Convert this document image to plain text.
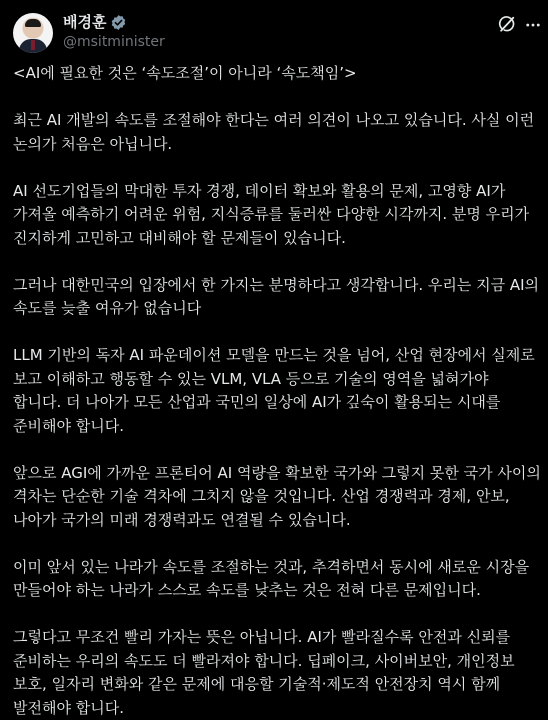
배경훈
@msitminister

<AI에 필요한 것은 ‘속도조절’이 아니라 ‘속도책임’>

최근 AI 개발의 속도를 조절해야 한다는 여러 의견이 나오고 있습니다. 사실 이런 논의가 처음은 아닙니다.

AI 선도기업들의 막대한 투자 경쟁, 데이터 확보와 활용의 문제, 고영향 AI가 가져올 예측하기 어려운 위험, 지식증류를 둘러싼 다양한 시각까지. 분명 우리가 진지하게 고민하고 대비해야 할 문제들이 있습니다.

그러나 대한민국의 입장에서 한 가지는 분명하다고 생각합니다. 우리는 지금 AI의 속도를 늦출 여유가 없습니다

LLM 기반의 독자 AI 파운데이션 모델을 만드는 것을 넘어, 산업 현장에서 실제로 보고 이해하고 행동할 수 있는 VLM, VLA 등으로 기술의 영역을 넓혀가야 합니다. 더 나아가 모든 산업과 국민의 일상에 AI가 깊숙이 활용되는 시대를 준비해야 합니다.

앞으로 AGI에 가까운 프론티어 AI 역량을 확보한 국가와 그렇지 못한 국가 사이의 격차는 단순한 기술 격차에 그치지 않을 것입니다. 산업 경쟁력과 경제, 안보, 나아가 국가의 미래 경쟁력과도 연결될 수 있습니다.

이미 앞서 있는 나라가 속도를 조절하는 것과, 추격하면서 동시에 새로운 시장을 만들어야 하는 나라가 스스로 속도를 낮추는 것은 전혀 다른 문제입니다.

그렇다고 무조건 빨리 가자는 뜻은 아닙니다. AI가 빨라질수록 안전과 신뢰를 준비하는 우리의 속도도 더 빨라져야 합니다. 딥페이크, 사이버보안, 개인정보 보호, 일자리 변화와 같은 문제에 대응할 기술적·제도적 안전장치 역시 함께 발전해야 합니다.
